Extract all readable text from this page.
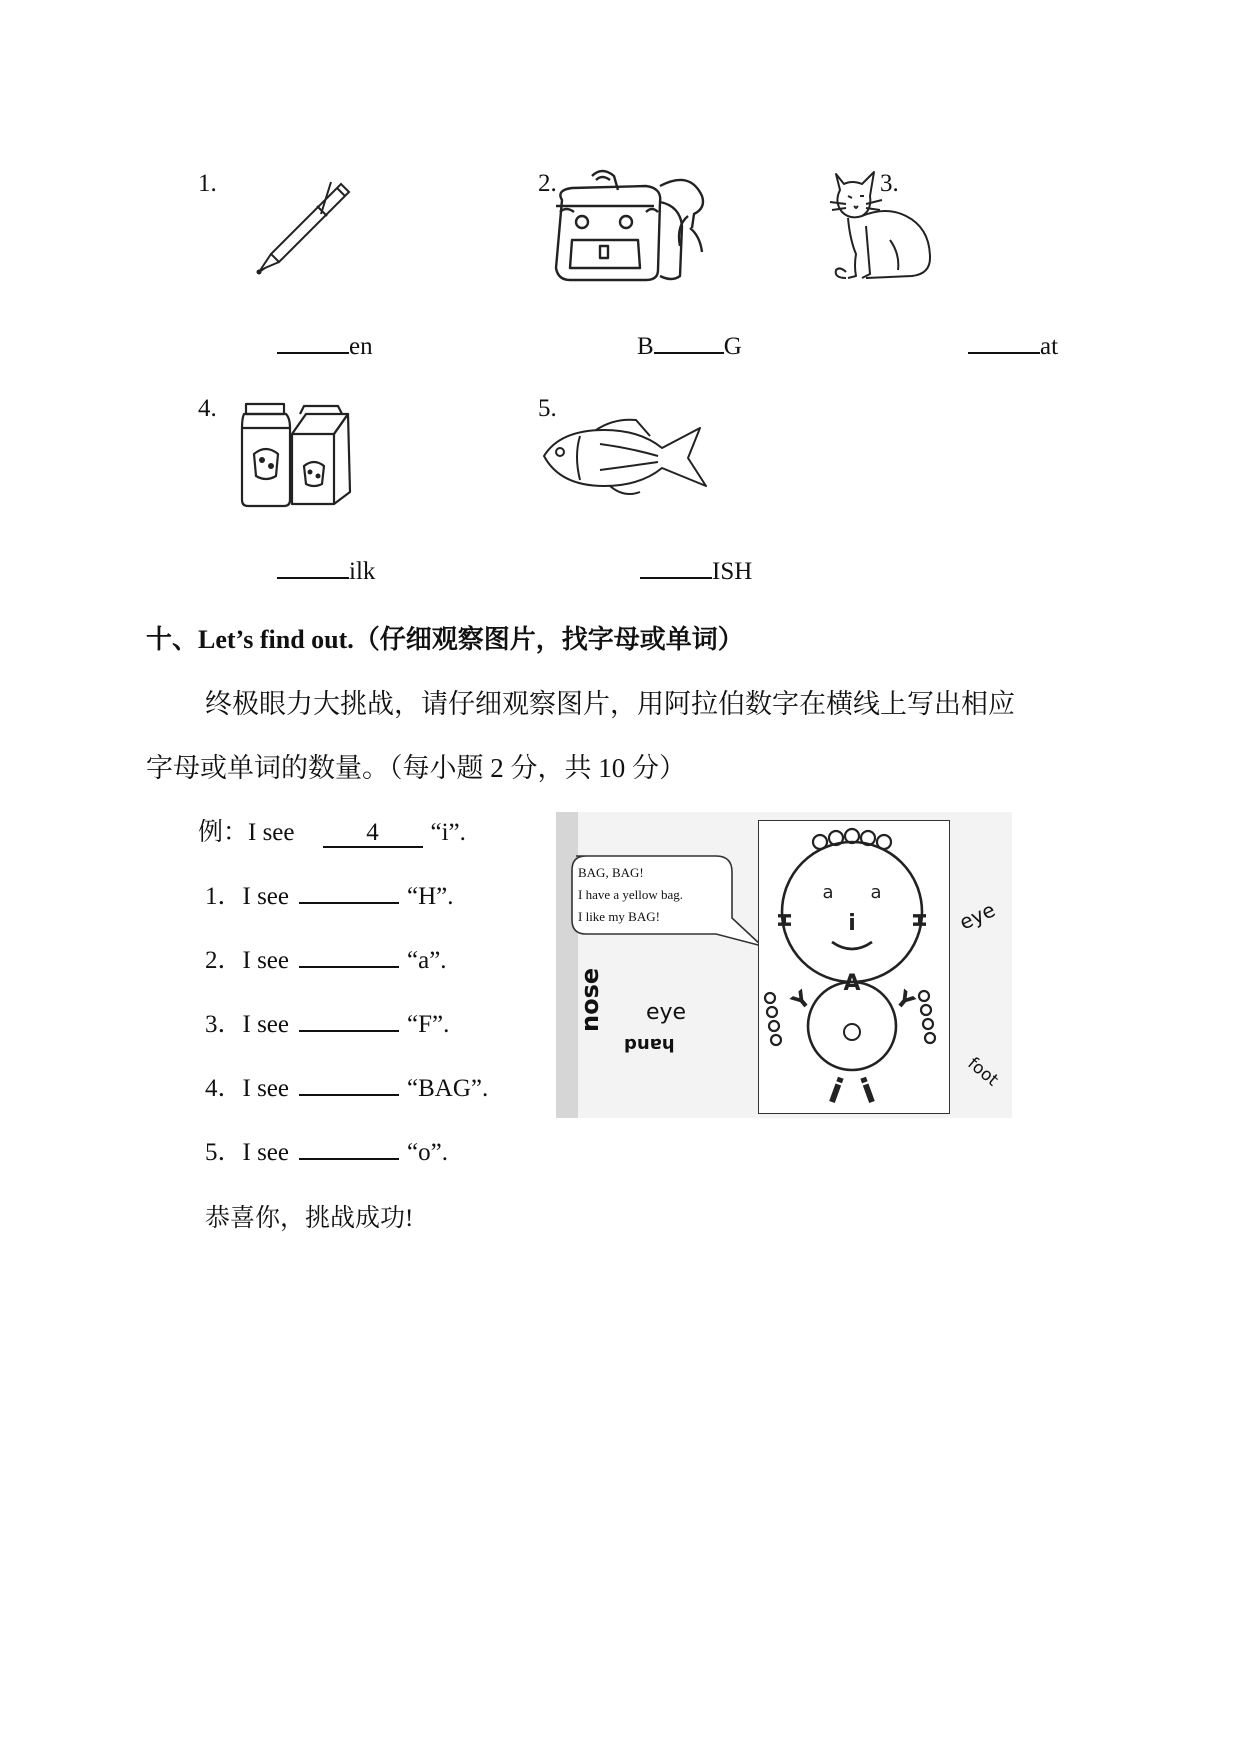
1.
en
2.
B	G
3.
at
4.
ilk
5.
ISH
十、Let’s find out.（仔细观察图片，找字母或单词）
终极眼力大挑战，请仔细观察图片，用阿拉伯数字在横线上写出相应
字母或单词的数量。（每小题 2 分，共 10 分）
例：I see	4 “i”.
1．I see	“H”.
2．I see	“a”.
3．I see	“F”.
4．I see	“BAG”.
5．I see	“o”.
恭喜你，挑战成功!
BAG, BAG!
I have a yellow bag.
I like my BAG!	i
A
Y	Y
i i
a a
H	H
nose eye
hand
eye
foot
